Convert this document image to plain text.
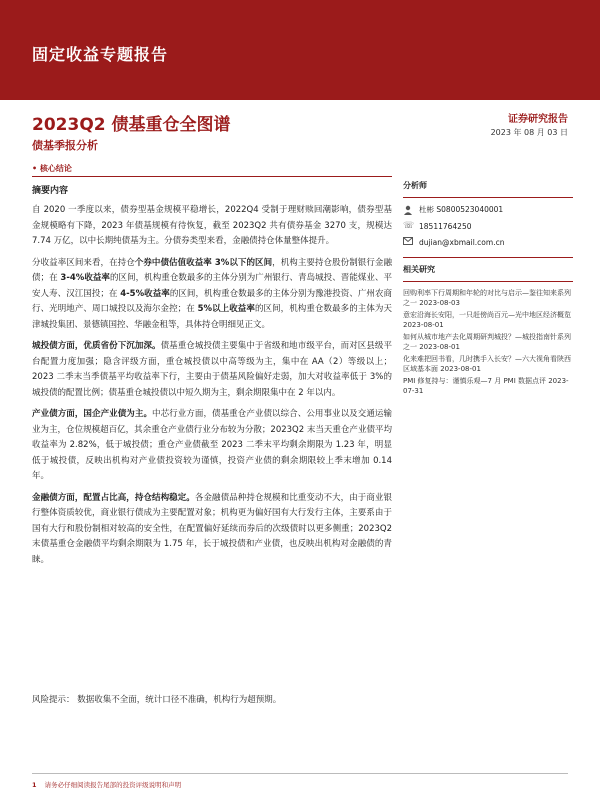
固定收益专题报告
2023Q2 债基重仓全图谱	证券研究报告
2023 年 08 月 03 日
债基季报分析
• 核心结论
摘要内容

自 2020 一季度以来，债券型基金规模平稳增长，2022Q4 受制于理财赎回潮影响，债券型基金规模略有下降，2023 年债基规模有待恢复，截至 2023Q2 共有债券基金 3270 支，规模达 7.74 万亿，以中长期纯债基为主。分债券类型来看，金融债持仓体量整体提升。

分收益率区间来看，在持仓个券中债估值收益率 3%以下的区间，机构主要持仓股份制银行金融债；在 3-4%收益率的区间，机构重仓数最多的主体分别为广州银行、青岛城投、晋能煤业、平安人寿、汉江国投；在 4-5%收益率的区间，机构重仓数最多的主体分别为豫港投资、广州农商行、光明地产、周口城投以及海尔金控；在 5%以上收益率的区间，机构重仓数最多的主体为天津城投集团、景德镇国控、华融金租等，具体持仓明细见正文。

城投债方面，优质省份下沉加深。债基重仓城投债主要集中于省级和地市级平台，而对区县级平台配置力度加强；隐含评级方面，重仓城投债以中高等级为主，集中在 AA（2）等级以上；2023 二季末当季债基平均收益率下行，主要由于债基风险偏好走弱，加大对收益率低于 3%的城投债的配置比例；债基重仓城投债以中短久期为主，剩余期限集中在 2 年以内。

产业债方面，国企产业债为主。中芯行业方面，债基重仓产业债以综合、公用事业以及交通运输业为主，仓位规模超百亿，其余重仓产业债行业分布较为分散；2023Q2 末当天重仓产业债平均收益率为 2.82%，低于城投债；重仓产业债截至 2023 二季末平均剩余期限为 1.23 年，明显低于城投债，反映出机构对产业债投资较为谨慎，投资产业债的剩余期限较上季末增加 0.14 年。

金融债方面，配置占比高，持仓结构稳定。各金融债品种持仓规模和比重变动不大，由于商业银行整体资质较优，商业银行债成为主要配置对象；机构更为偏好国有大行发行主体，主要系由于国有大行和股份制相对较高的安全性，在配置偏好延续而券后的次级债时以更多侧重；2023Q2 末债基重仓金融债平均剩余期限为 1.75 年，长于城投债和产业债，也反映出机构对金融债的青睐。

风险提示： 数据收集不全面，统计口径不准确，机构行为超预期。
分析师
杜彬 S0800523040001
☏ 18511764250
dujian@xbmail.com.cn
相关研究
回购利率下行周期和年轮的对比与启示—鉴往知来系列之一 2023-08-03
意宏沿海长安阳，一只赶傍尚百元—光中地区经济概览 2023-08-01
如何从城市地产去化周期研判城投？—城投指南针系列之一 2023-08-01
化来难把回书看，几时携手入长安？—六大视角看陕西区域基本面 2023-08-01
PMI 修复持与：谨慎乐观—7 月 PMI 数据点评 2023-07-31
1 请务必仔细阅读报告尾部的投资评级说明和声明
